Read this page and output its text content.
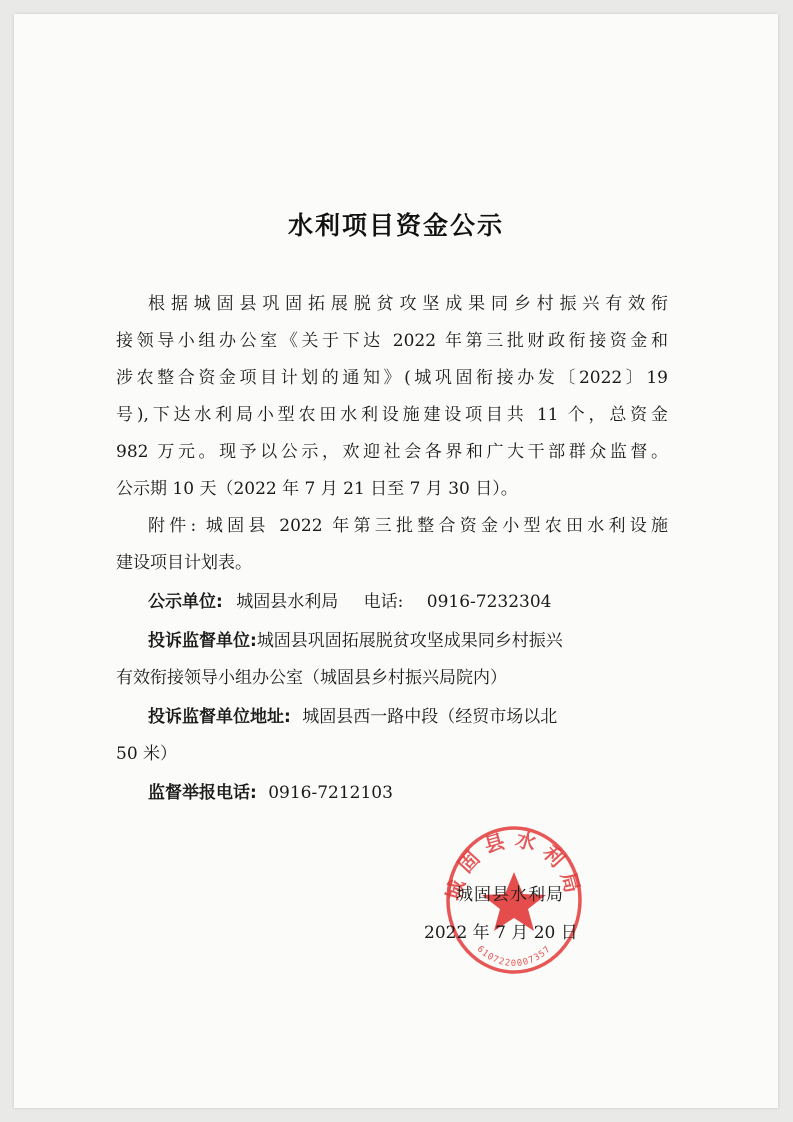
水利项目资金公示
根据城固县巩固拓展脱贫攻坚成果同乡村振兴有效衔
接领导小组办公室《关于下达 2022 年第三批财政衔接资金和
涉农整合资金项目计划的通知》(城巩固衔接办发〔2022〕19
号),下达水利局小型农田水利设施建设项目共 11 个，总资金
982 万元。现予以公示，欢迎社会各界和广大干部群众监督。
公示期 10 天（2022 年 7 月 21 日至 7 月 30 日）。
附件: 城固县 2022 年第三批整合资金小型农田水利设施
建设项目计划表。
公示单位: 城固县水利局 电话: 0916-7232304
投诉监督单位:城固县巩固拓展脱贫攻坚成果同乡村振兴
有效衔接领导小组办公室（城固县乡村振兴局院内）
投诉监督单位地址: 城固县西一路中段（经贸市场以北
50 米）
监督举报电话: 0916-7212103
城固县水利局
6107220007357
城固县水利局
2022 年 7 月 20 日
